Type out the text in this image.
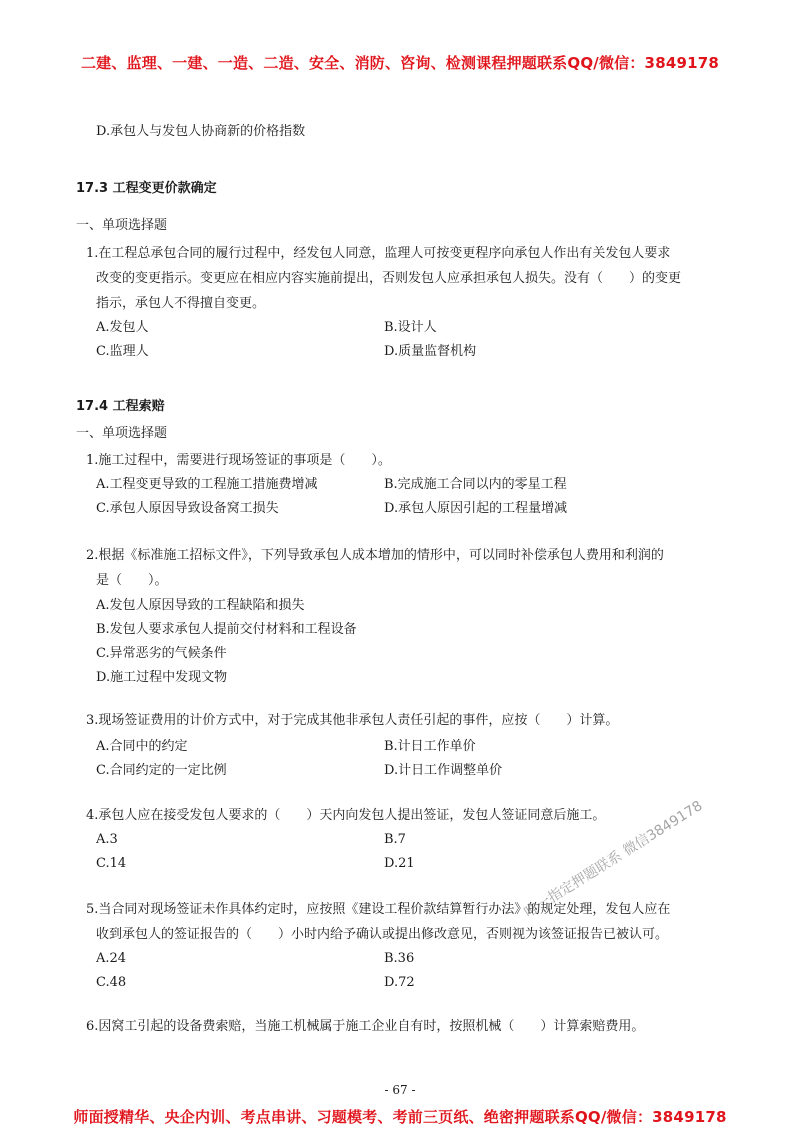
二建、监理、一建、一造、二造、安全、消防、咨询、检测课程押题联系QQ/微信：3849178
D.承包人与发包人协商新的价格指数
17.3 工程变更价款确定
一、单项选择题
1.在工程总承包合同的履行过程中，经发包人同意，监理人可按变更程序向承包人作出有关发包人要求
改变的变更指示。变更应在相应内容实施前提出，否则发包人应承担承包人损失。没有（　　）的变更
指示，承包人不得擅自变更。
A.发包人	B.设计人
C.监理人	D.质量监督机构
17.4 工程索赔
一、单项选择题
1.施工过程中，需要进行现场签证的事项是（　　）。
A.工程变更导致的工程施工措施费增减	B.完成施工合同以内的零星工程
C.承包人原因导致设备窝工损失	D.承包人原因引起的工程量增减
2.根据《标准施工招标文件》，下列导致承包人成本增加的情形中，可以同时补偿承包人费用和利润的
是（　　）。
A.发包人原因导致的工程缺陷和损失
B.发包人要求承包人提前交付材料和工程设备
C.异常恶劣的气候条件
D.施工过程中发现文物
3.现场签证费用的计价方式中，对于完成其他非承包人责任引起的事件，应按（　　）计算。
A.合同中的约定	B.计日工作单价
C.合同约定的一定比例	D.计日工作调整单价
4.承包人应在接受发包人要求的（　　）天内向发包人提出签证，发包人签证同意后施工。
A.3	B.7
C.14	D.21
5.当合同对现场签证未作具体约定时，应按照《建设工程价款结算暂行办法》的规定处理，发包人应在
收到承包人的签证报告的（　　）小时内给予确认或提出修改意见，否则视为该签证报告已被认可。
A.24	B.36
C.48	D.72
6.因窝工引起的设备费索赔，当施工机械属于施工企业自有时，按照机械（　　）计算索赔费用。
唯一指定押题联系 微信3849178
- 67 -
师面授精华、央企内训、考点串讲、习题模考、考前三页纸、绝密押题联系QQ/微信：3849178
